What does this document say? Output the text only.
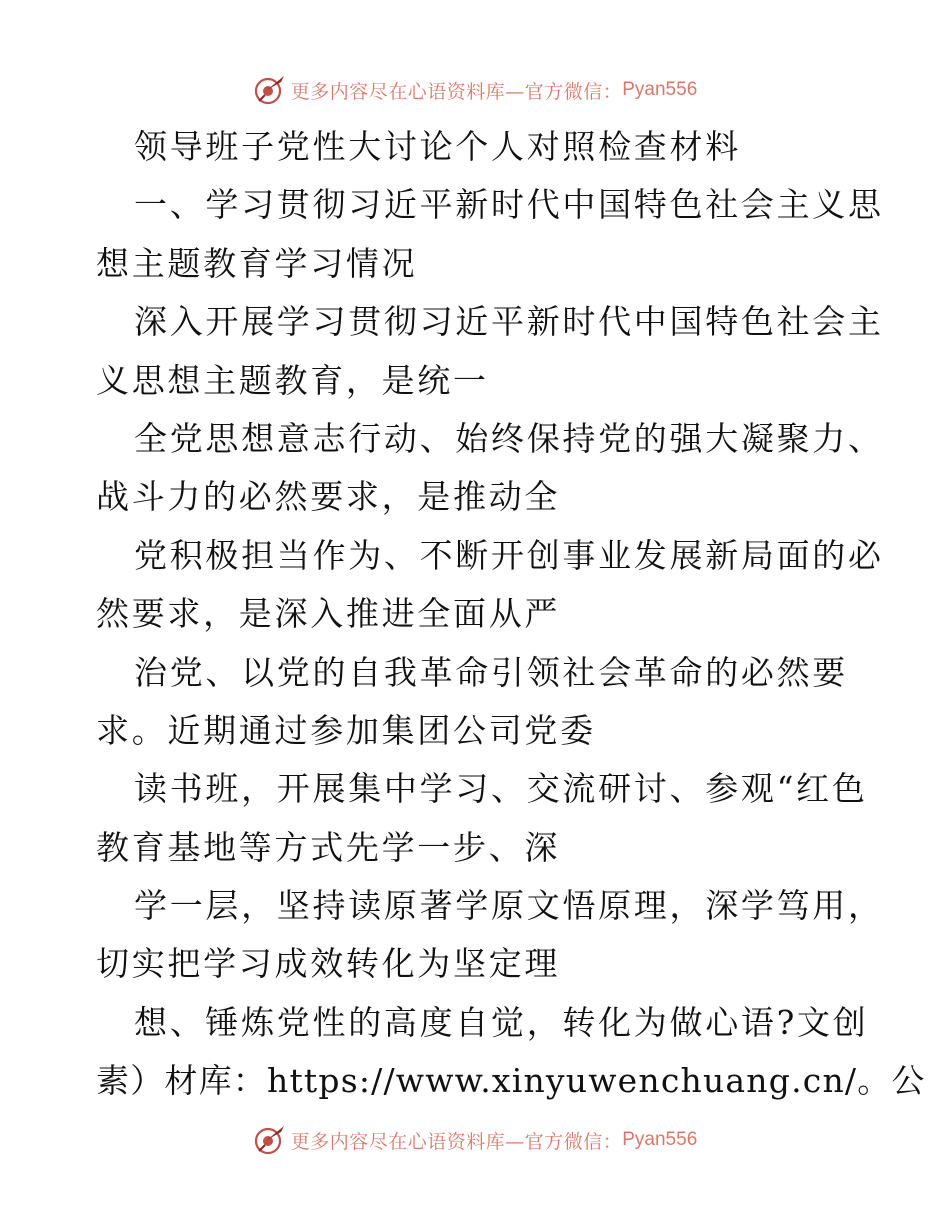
更多内容尽在心语资料库—官方微信： Pyan556
领导班子党性大讨论个人对照检查材料
一、学习贯彻习近平新时代中国特色社会主义思
想主题教育学习情况
深入开展学习贯彻习近平新时代中国特色社会主
义思想主题教育，是统一
全党思想意志行动、始终保持党的强大凝聚力、
战斗力的必然要求，是推动全
党积极担当作为、不断开创事业发展新局面的必
然要求，是深入推进全面从严
治党、以党的自我革命引领社会革命的必然要
求。近期通过参加集团公司党委
读书班，开展集中学习、交流研讨、参观“红色
教育基地等方式先学一步、深
学一层，坚持读原著学原文悟原理，深学笃用，
切实把学习成效转化为坚定理
想、锤炼党性的高度自觉，转化为做心语?文创
素）材库：https://www.xinyuwenchuang.cn/。公
更多内容尽在心语资料库—官方微信： Pyan556
